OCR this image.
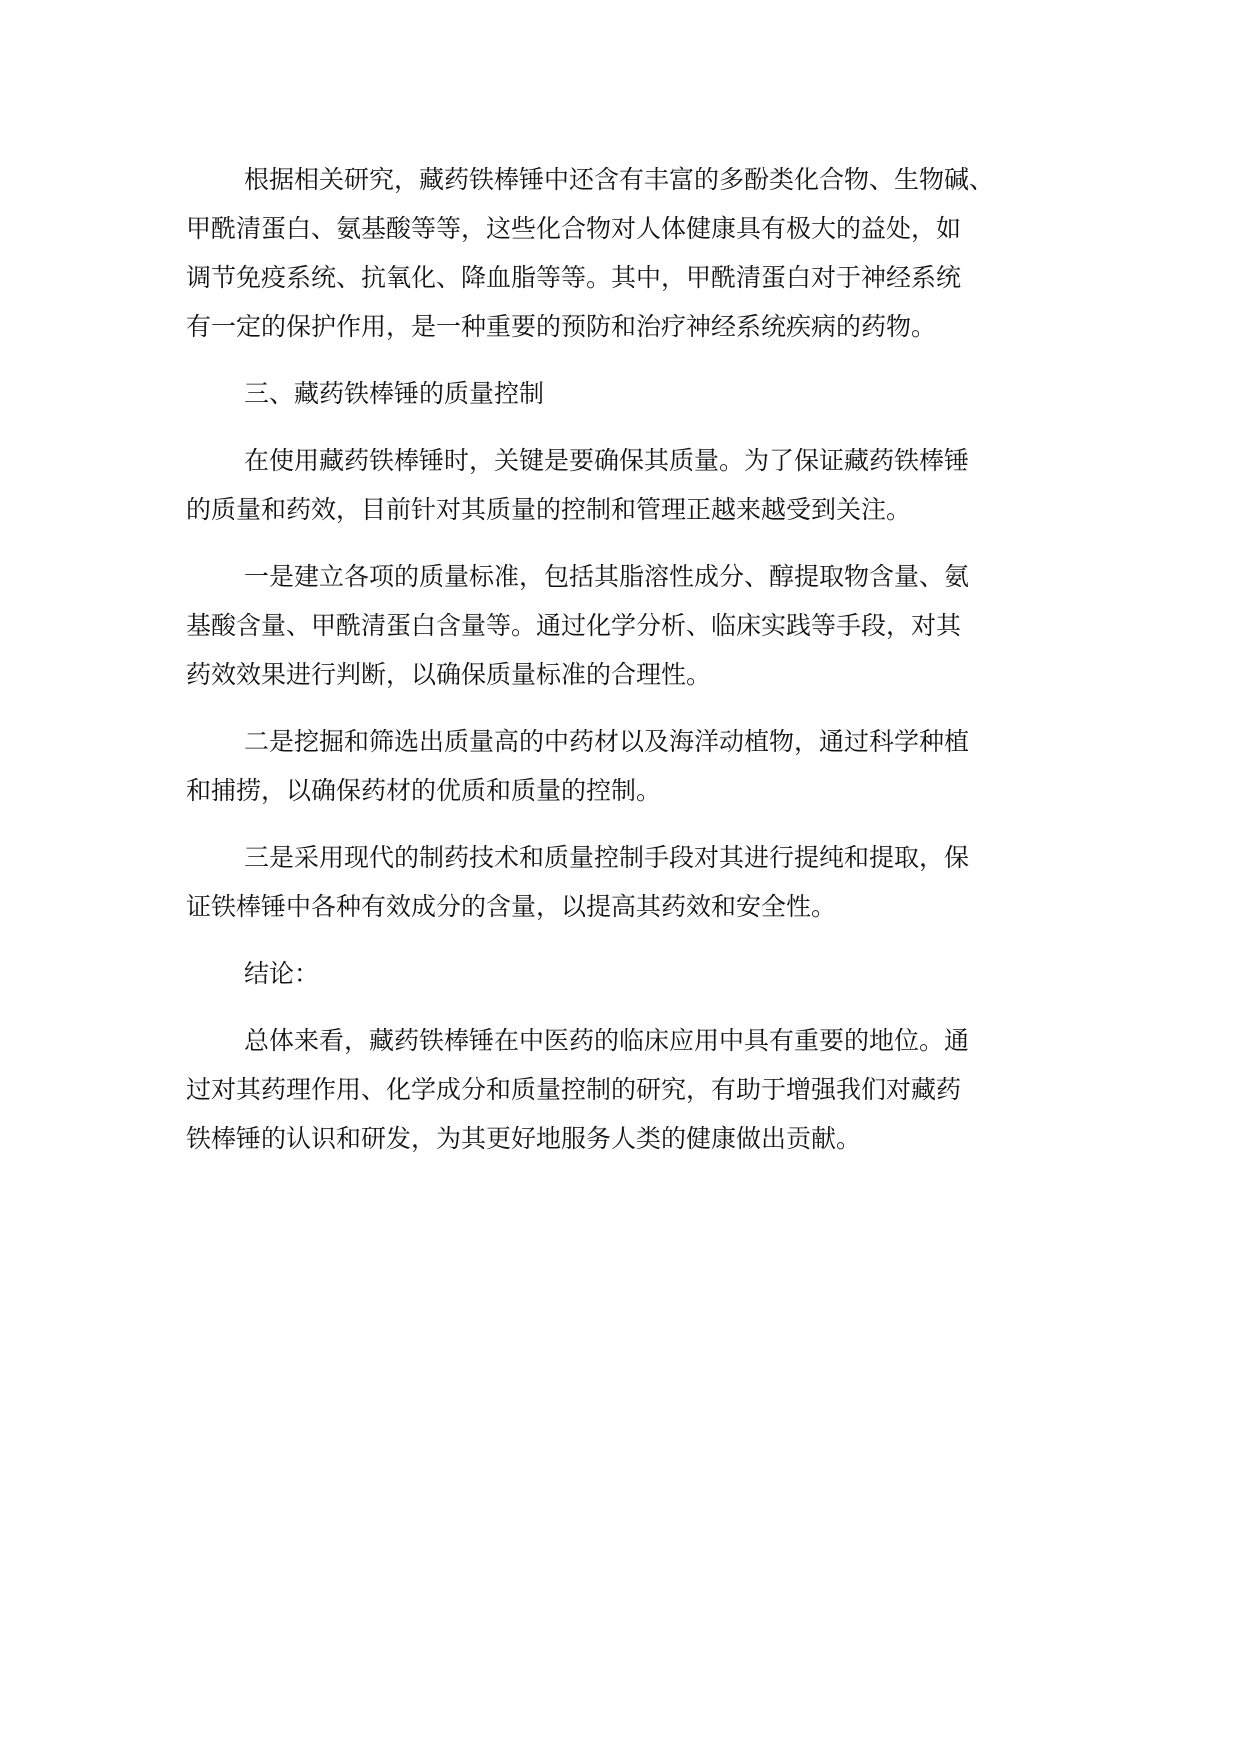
根据相关研究，藏药铁棒锤中还含有丰富的多酚类化合物、生物碱、
甲酰清蛋白、氨基酸等等，这些化合物对人体健康具有极大的益处，如
调节免疫系统、抗氧化、降血脂等等。其中，甲酰清蛋白对于神经系统
有一定的保护作用，是一种重要的预防和治疗神经系统疾病的药物。
三、藏药铁棒锤的质量控制
在使用藏药铁棒锤时，关键是要确保其质量。为了保证藏药铁棒锤
的质量和药效，目前针对其质量的控制和管理正越来越受到关注。
一是建立各项的质量标准，包括其脂溶性成分、醇提取物含量、氨
基酸含量、甲酰清蛋白含量等。通过化学分析、临床实践等手段，对其
药效效果进行判断，以确保质量标准的合理性。
二是挖掘和筛选出质量高的中药材以及海洋动植物，通过科学种植
和捕捞，以确保药材的优质和质量的控制。
三是采用现代的制药技术和质量控制手段对其进行提纯和提取，保
证铁棒锤中各种有效成分的含量，以提高其药效和安全性。
结论：
总体来看，藏药铁棒锤在中医药的临床应用中具有重要的地位。通
过对其药理作用、化学成分和质量控制的研究，有助于增强我们对藏药
铁棒锤的认识和研发，为其更好地服务人类的健康做出贡献。
